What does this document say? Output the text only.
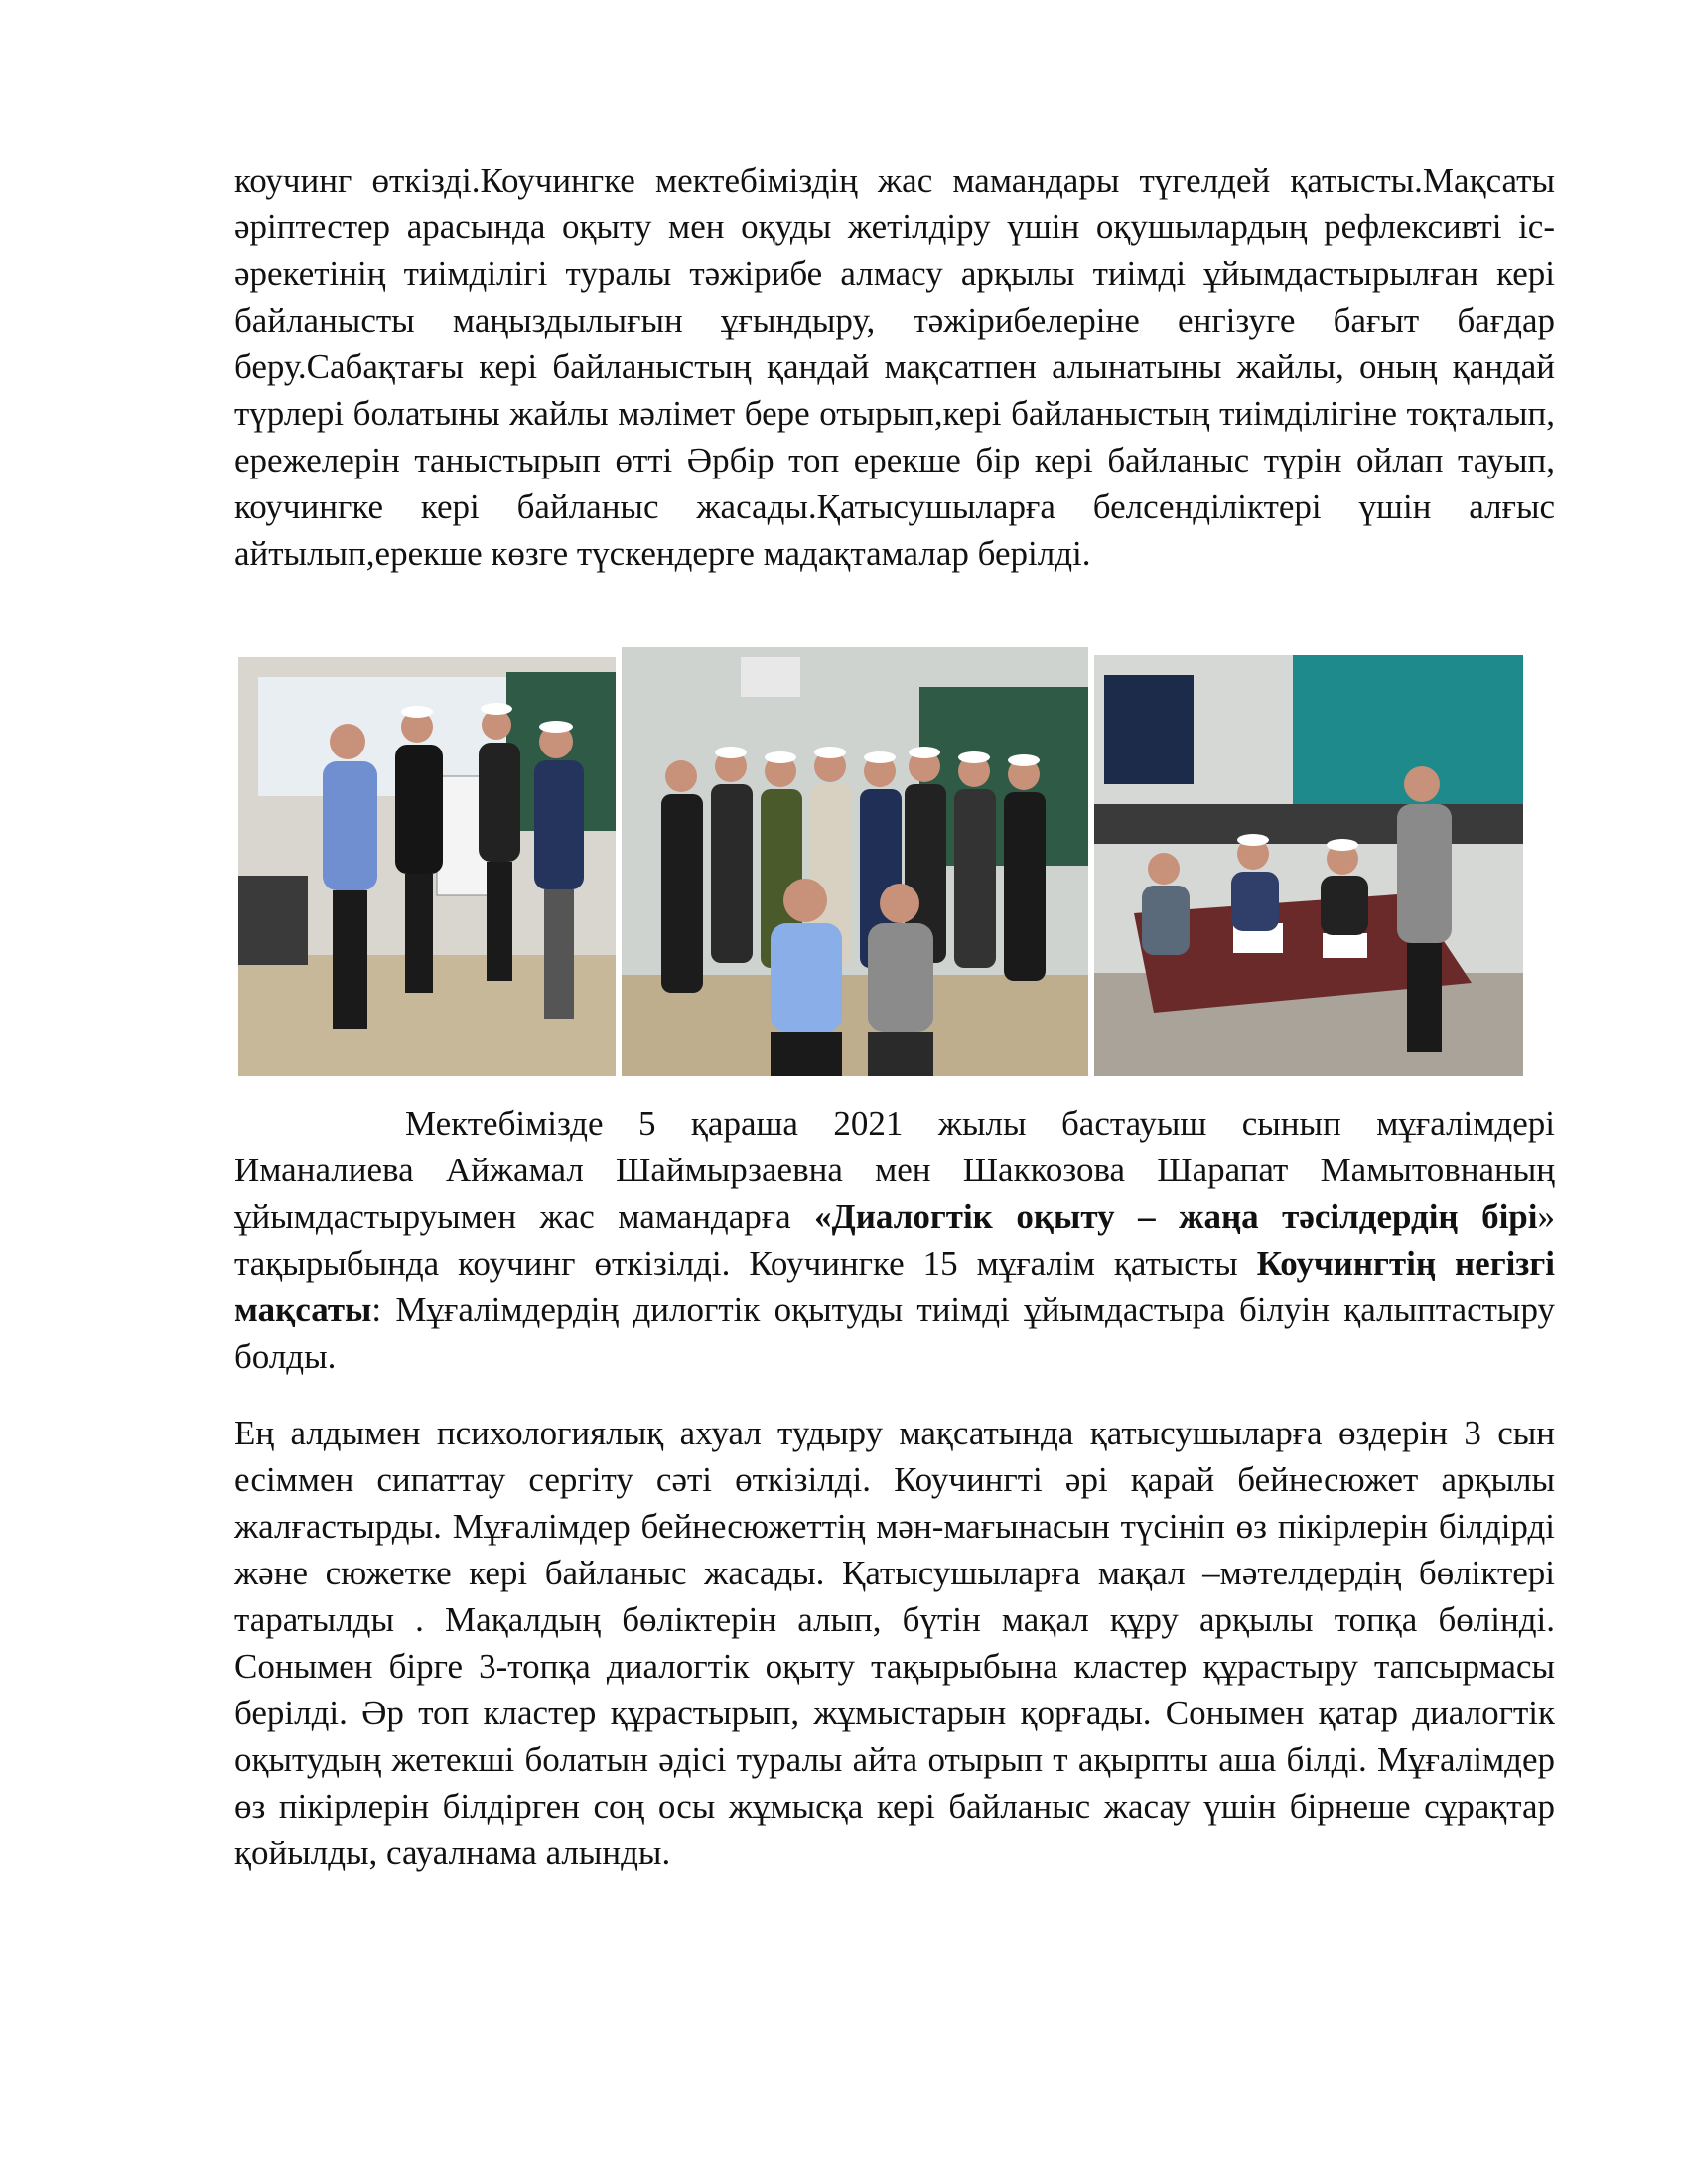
коучинг өткізді.Коучингке мектебіміздің жас мамандары түгелдей қатысты.Мақсаты әріптестер арасында оқыту мен оқуды жетілдіру үшін оқушылардың рефлексивті іс-әрекетінің тиімділігі туралы тәжірибе алмасу арқылы тиімді ұйымдастырылған кері байланысты маңыздылығын ұғындыру, тәжірибелеріне енгізуге бағыт бағдар беру.Сабақтағы кері байланыстың қандай мақсатпен алынатыны жайлы, оның қандай түрлері болатыны жайлы мәлімет бере отырып,кері байланыстың тиімділігіне тоқталып, ережелерін таныстырып өтті Әрбір топ ерекше бір кері байланыс түрін ойлап тауып, коучингке кері байланыс жасады.Қатысушыларға белсенділіктері үшін алғыс айтылып,ерекше көзге түскендерге мадақтамалар берілді.

Мектебімізде 5 қараша 2021 жылы бастауыш сынып мұғалімдері Иманалиева Айжамал Шаймырзаевна мен Шаккозова Шарапат Мамытовнаның ұйымдастыруымен жас мамандарға «Диалогтік оқыту – жаңа тәсілдердің бірі» тақырыбында коучинг өткізілді. Коучингке 15 мұғалім қатысты Коучингтің негізгі мақсаты: Мұғалімдердің дилогтік оқытуды тиімді ұйымдастыра білуін қалыптастыру болды.

Ең алдымен психологиялық ахуал тудыру мақсатында қатысушыларға өздерін 3 сын есіммен сипаттау сергіту сәті өткізілді. Коучингті әрі қарай бейнесюжет арқылы жалғастырды. Мұғалімдер бейнесюжеттің мән-мағынасын түсініп өз пікірлерін білдірді және сюжетке кері байланыс жасады. Қатысушыларға мақал –мәтелдердің бөліктері таратылды . Мақалдың бөліктерін алып, бүтін мақал құру арқылы топқа бөлінді. Сонымен бірге 3-топқа диалогтік оқыту тақырыбына кластер құрастыру тапсырмасы берілді. Әр топ кластер құрастырып, жұмыстарын қорғады. Сонымен қатар диалогтік оқытудың жетекші болатын әдісі туралы айта отырып т ақырпты аша білді. Мұғалімдер өз пікірлерін білдірген соң осы жұмысқа кері байланыс жасау үшін бірнеше сұрақтар қойылды, сауалнама алынды.
